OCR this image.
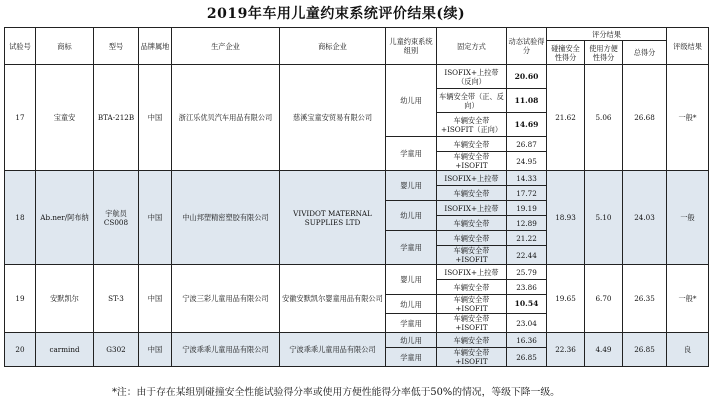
2019年车用儿童约束系统评价结果(续)
试验号	商标	型号	品牌属地	生产企业	商标企业	儿童约束系统组别	固定方式	动态试验得分	评分结果			评级结果
									碰撞安全性得分	使用方便性得分	总得分	
17	宝童安	BTA-212B	中国	浙江乐优贝汽车用品有限公司	慈溪宝童安贸易有限公司	幼儿用	ISOFIX+上拉带（反向）	20.60	21.62	5.06	26.68	一般*
							车辆安全带（正、反向）	11.08				
							车辆安全带+ISOFIT（正向）	14.69				
						学童用	车辆安全带	26.87				
							车辆安全带+ISOFIT	24.95				
18	Ab.ner/阿布纳	宇航员CS008	中国	中山邦塑精密塑胶有限公司	VIVIDOT MATERNAL SUPPLIES LTD	婴儿用	ISOFIX+上拉带	14.33	18.93	5.10	24.03	一般
							车辆安全带	17.72				
						幼儿用	ISOFIX+上拉带	19.19				
							车辆安全带	12.89				
						学童用	车辆安全带	21.22				
							车辆安全带+ISOFIT	22.44				
19	安默凯尔	ST-3	中国	宁波三彩儿童用品有限公司	安徽安默凯尔婴童用品有限公司	婴儿用	ISOFIX+上拉带	25.79	19.65	6.70	26.35	一般*
							车辆安全带	23.86				
						幼儿用	车辆安全带+ISOFIT	10.54				
						学童用	车辆安全带+ISOFIT	23.04				
20	carmind	G302	中国	宁波乖乖儿童用品有限公司	宁波乖乖儿童用品有限公司	幼儿用	车辆安全带	16.36	22.36	4.49	26.85	良
						学童用	车辆安全带+ISOFIT	26.85				
*注：由于存在某组别碰撞安全性能试验得分率或使用方便性能得分率低于50%的情况，等级下降一级。
